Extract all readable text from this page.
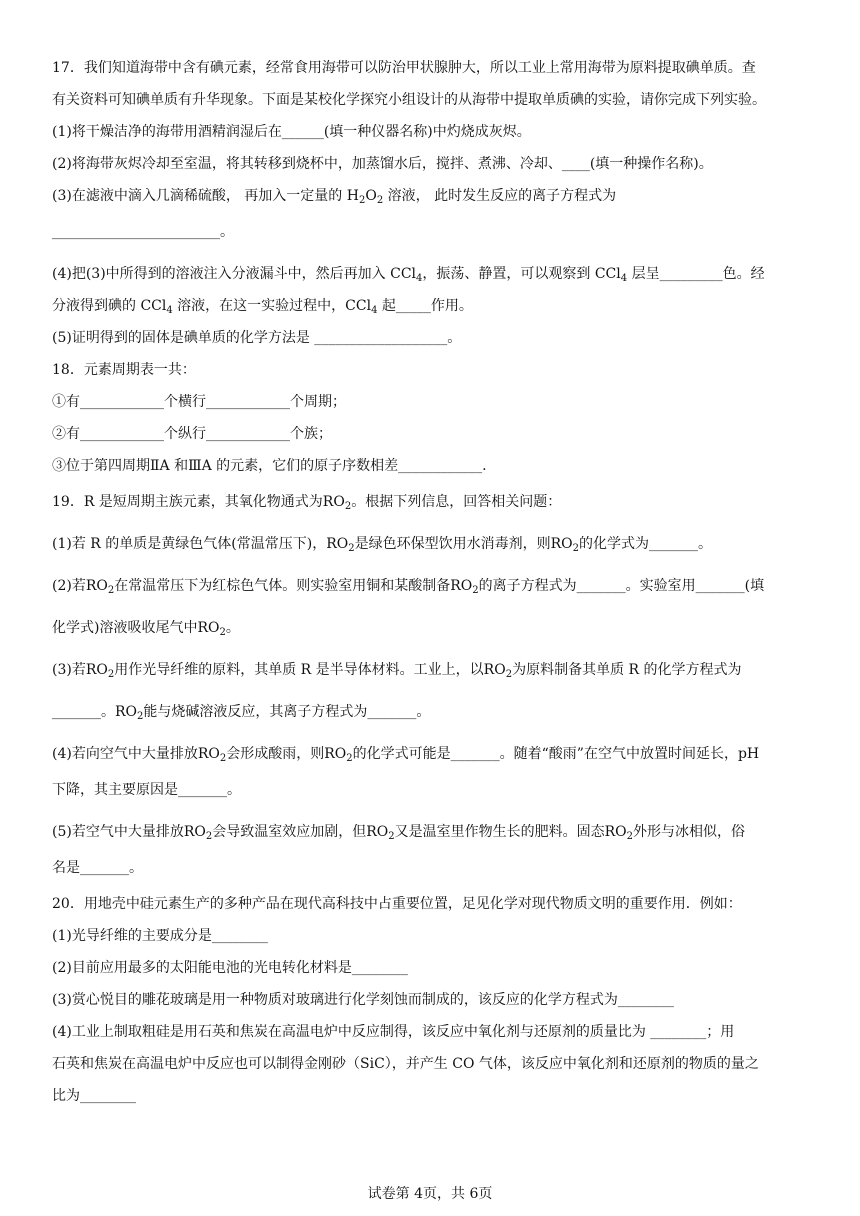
17．我们知道海带中含有碘元素，经常食用海带可以防治甲状腺肿大，所以工业上常用海带为原料提取碘单质。查

有关资料可知碘单质有升华现象。下面是某校化学探究小组设计的从海带中提取单质碘的实验，请你完成下列实验。

(1)将干燥洁净的海带用酒精润湿后在______(填一种仪器名称)中灼烧成灰烬。

(2)将海带灰烬冷却至室温，将其转移到烧杯中，加蒸馏水后，搅拌、煮沸、冷却、____(填一种操作名称)。

(3)在滤液中滴入几滴稀硫酸， 再加入一定量的 $H_2O_2$ 溶液， 此时发生反应的离子方程式为

________________________。

(4)把(3)中所得到的溶液注入分液漏斗中，然后再加入 CCl$_4$，振荡、静置，可以观察到 CCl$_4$ 层呈_________色。经

分液得到碘的 CCl$_4$ 溶液，在这一实验过程中，CCl$_4$ 起_____作用。

(5)证明得到的固体是碘单质的化学方法是 ___________________。

18．元素周期表一共：

①有____________个横行____________个周期；

②有____________个纵行____________个族；

③位于第四周期ⅡA 和ⅢA 的元素，它们的原子序数相差____________.

19．R 是短周期主族元素，其氧化物通式为$RO_2$。根据下列信息，回答相关问题：

(1)若 R 的单质是黄绿色气体(常温常压下)，$RO_2$是绿色环保型饮用水消毒剂，则$RO_2$的化学式为_______。

(2)若$RO_2$在常温常压下为红棕色气体。则实验室用铜和某酸制备$RO_2$的离子方程式为_______。实验室用_______(填

化学式)溶液吸收尾气中$RO_2$。

(3)若$RO_2$用作光导纤维的原料，其单质 R 是半导体材料。工业上，以$RO_2$为原料制备其单质 R 的化学方程式为

_______。$RO_2$能与烧碱溶液反应，其离子方程式为_______。

(4)若向空气中大量排放$RO_2$会形成酸雨，则$RO_2$的化学式可能是_______。随着“酸雨”在空气中放置时间延长，pH

下降，其主要原因是_______。

(5)若空气中大量排放$RO_2$会导致温室效应加剧，但$RO_2$又是温室里作物生长的肥料。固态$RO_2$外形与冰相似，俗

名是_______。

20．用地壳中硅元素生产的多种产品在现代高科技中占重要位置，足见化学对现代物质文明的重要作用．例如：

(1)光导纤维的主要成分是________

(2)目前应用最多的太阳能电池的光电转化材料是________

(3)赏心悦目的雕花玻璃是用一种物质对玻璃进行化学刻蚀而制成的，该反应的化学方程式为________

(4)工业上制取粗硅是用石英和焦炭在高温电炉中反应制得，该反应中氧化剂与还原剂的质量比为 ________；用

石英和焦炭在高温电炉中反应也可以制得金刚砂（SiC），并产生 CO 气体，该反应中氧化剂和还原剂的物质的量之

比为________

试卷第 4页，共 6页
